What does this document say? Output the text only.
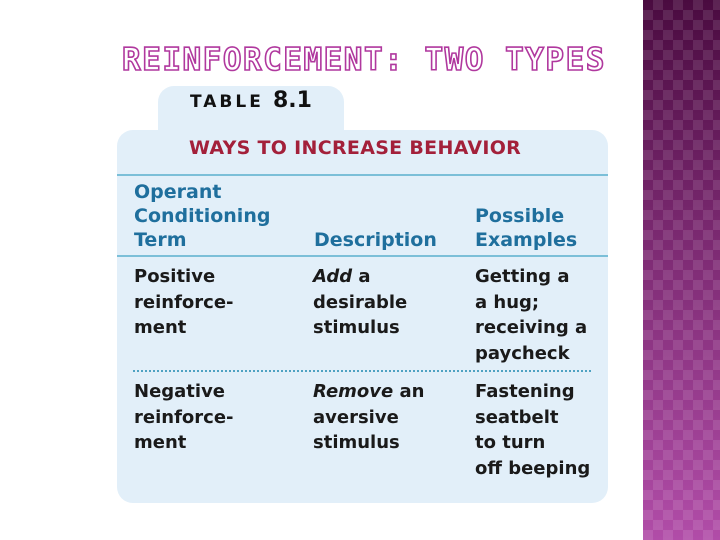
REINFORCEMENT: TWO TYPES
TABLE 8.1
WAYS TO INCREASE BEHAVIOR
Operant
Conditioning
Term	Description
Possible
Examples
Positive
reinforce-
ment
Add a
desirable
stimulus
Getting a
a hug;
receiving a
paycheck
Negative
reinforce-
ment
Remove an
aversive
stimulus
Fastening
seatbelt
to turn
off beeping
